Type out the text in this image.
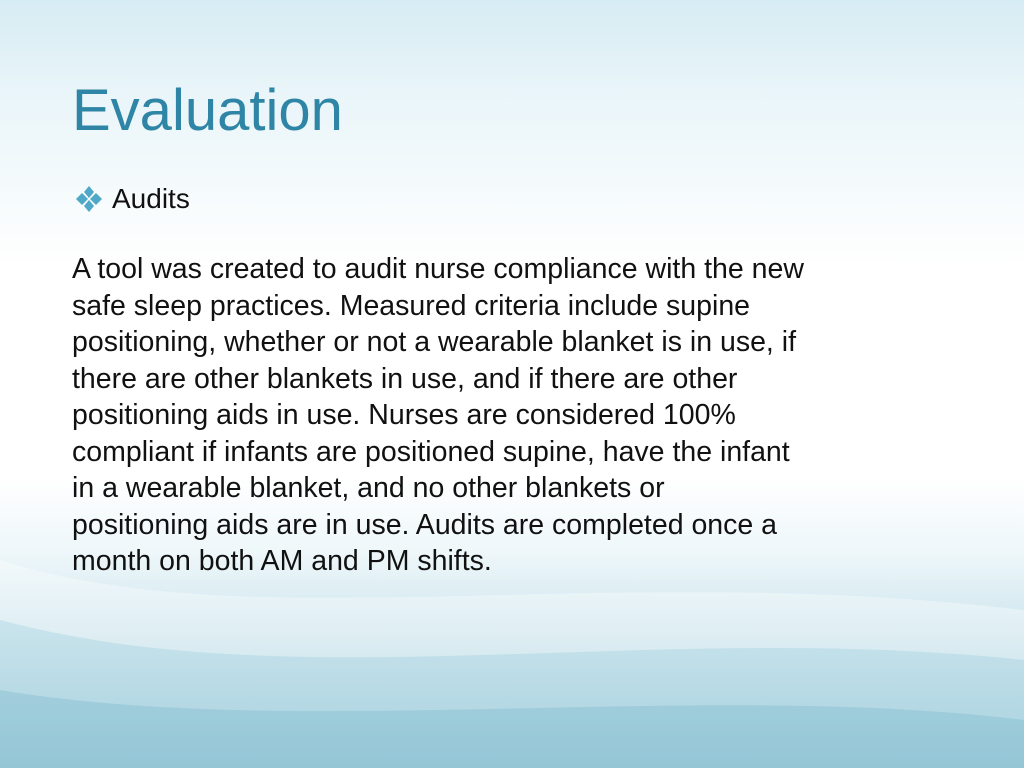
Evaluation
Audits

A tool was created to audit nurse compliance with the new
safe sleep practices. Measured criteria include supine
positioning, whether or not a wearable blanket is in use, if
there are other blankets in use, and if there are other
positioning aids in use. Nurses are considered 100%
compliant if infants are positioned supine, have the infant
in a wearable blanket, and no other blankets or
positioning aids are in use. Audits are completed once a
month on both AM and PM shifts.
